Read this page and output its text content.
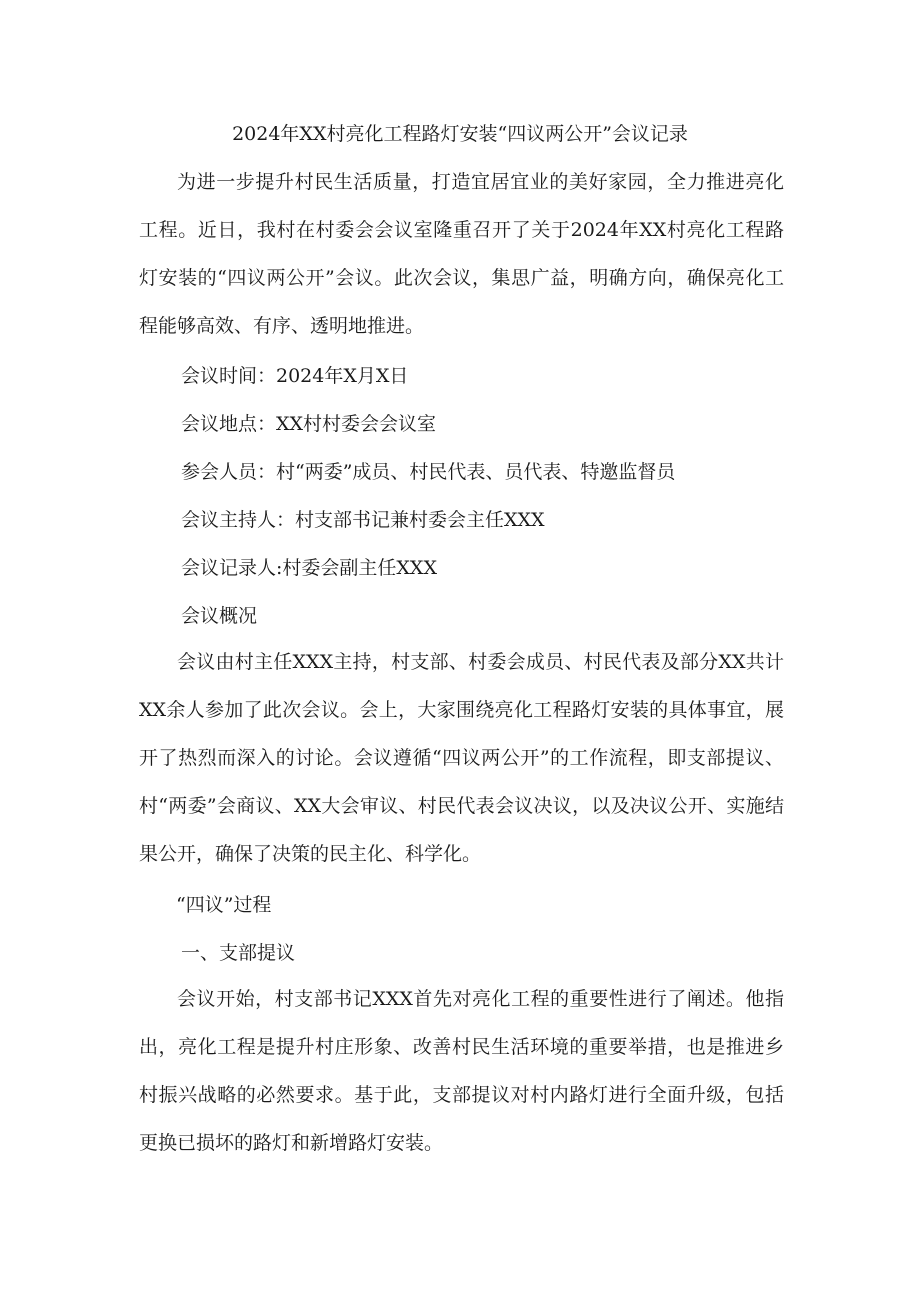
2024年XX村亮化工程路灯安装“四议两公开”会议记录

为进一步提升村民生活质量，打造宜居宜业的美好家园，全力推进亮化工程。近日，我村在村委会会议室隆重召开了关于2024年XX村亮化工程路灯安装的“四议两公开”会议。此次会议，集思广益，明确方向，确保亮化工程能够高效、有序、透明地推进。

会议时间：2024年X月X日

会议地点：XX村村委会会议室

参会人员：村“两委”成员、村民代表、员代表、特邀监督员

会议主持人：村支部书记兼村委会主任XXX

会议记录人:村委会副主任XXX

会议概况

会议由村主任XXX主持，村支部、村委会成员、村民代表及部分XX共计XX余人参加了此次会议。会上，大家围绕亮化工程路灯安装的具体事宜，展开了热烈而深入的讨论。会议遵循“四议两公开”的工作流程，即支部提议、村“两委”会商议、XX大会审议、村民代表会议决议，以及决议公开、实施结果公开，确保了决策的民主化、科学化。

“四议”过程

一、支部提议

会议开始，村支部书记XXX首先对亮化工程的重要性进行了阐述。他指出，亮化工程是提升村庄形象、改善村民生活环境的重要举措，也是推进乡村振兴战略的必然要求。基于此，支部提议对村内路灯进行全面升级，包括更换已损坏的路灯和新增路灯安装。
